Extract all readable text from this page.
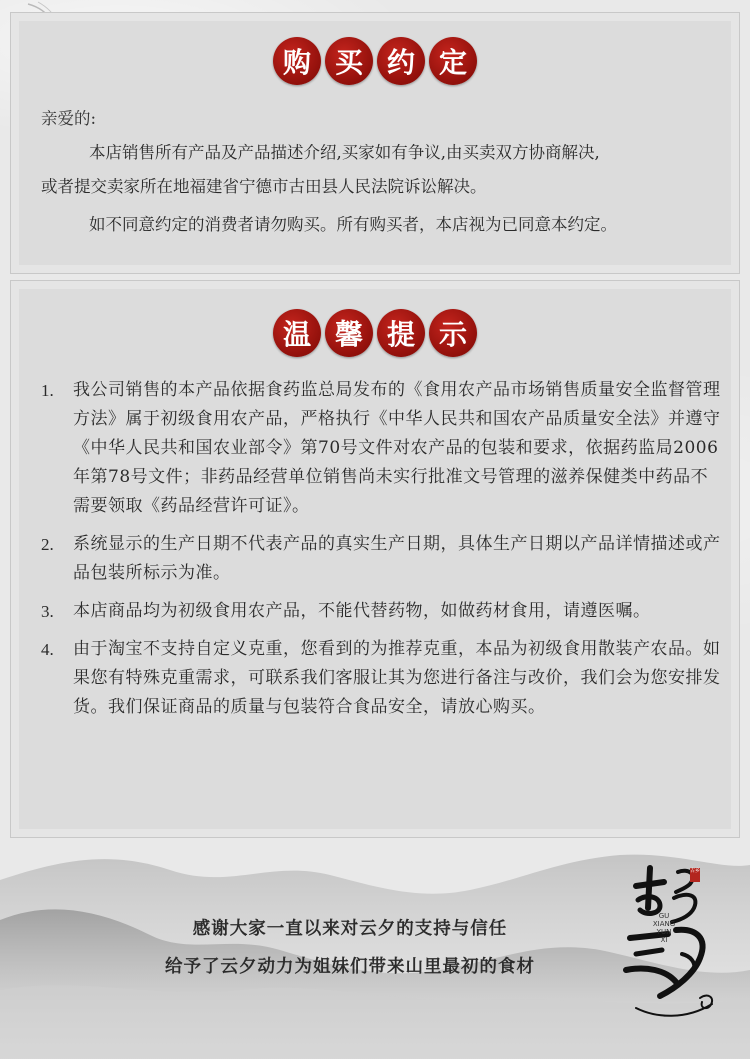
购 买 约 定
亲爱的:
本店销售所有产品及产品描述介绍,买家如有争议,由买卖双方协商解决,
或者提交卖家所在地福建省宁德市古田县人民法院诉讼解决。
如不同意约定的消费者请勿购买。所有购买者，本店视为已同意本约定。
温 馨 提 示
1.	我公司销售的本产品依据食药监总局发布的《食用农产品市场销售质量安全监督管理方法》属于初级食用农产品，严格执行《中华人民共和国农产品质量安全法》并遵守《中华人民共和国农业部令》第70号文件对农产品的包装和要求，依据药监局2006年第78号文件；非药品经营单位销售尚未实行批准文号管理的滋养保健类中药品不需要领取《药品经营许可证》。
2.	系统显示的生产日期不代表产品的真实生产日期，具体生产日期以产品详情描述或产品包装所标示为准。
3.	本店商品均为初级食用农产品，不能代替药物，如做药材食用，请遵医嘱。
4.	由于淘宝不支持自定义克重，您看到的为推荐克重，本品为初级食用散装产农品。如果您有特殊克重需求，可联系我们客服让其为您进行备注与改价，我们会为您安排发货。我们保证商品的质量与包装符合食品安全，请放心购买。
感谢大家一直以来对云夕的支持与信任
给予了云夕动力为姐妹们带来山里最初的食材
古乡
GU
XIANG
YUN
XI
